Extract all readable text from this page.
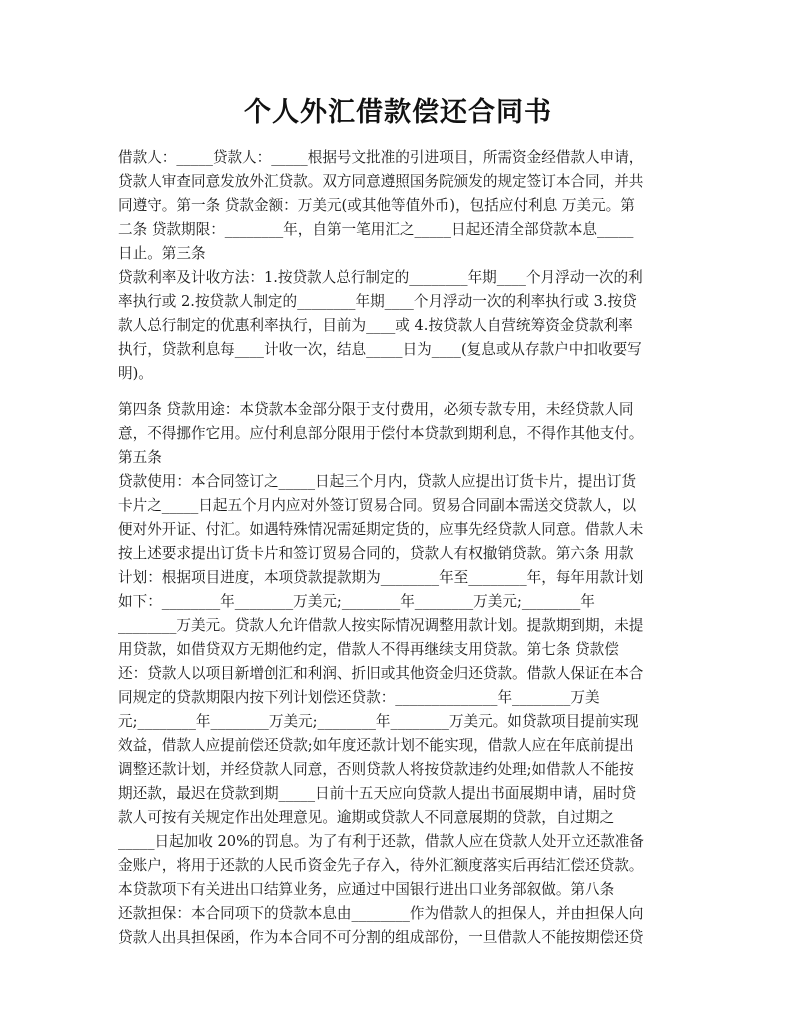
个人外汇借款偿还合同书
借款人：_____贷款人：_____根据号文批准的引进项目，所需资金经借款人申请，
贷款人审查同意发放外汇贷款。双方同意遵照国务院颁发的规定签订本合同，并共
同遵守。第一条 贷款金额：万美元(或其他等值外币)，包括应付利息 万美元。第
二条 贷款期限：________年，自第一笔用汇之_____日起还清全部贷款本息_____
日止。第三条
贷款利率及计收方法：1.按贷款人总行制定的________年期____个月浮动一次的利
率执行或 2.按贷款人制定的________年期____个月浮动一次的利率执行或 3.按贷
款人总行制定的优惠利率执行，目前为____或 4.按贷款人自营统筹资金贷款利率
执行，贷款利息每____计收一次，结息_____日为____(复息或从存款户中扣收要写
明)。
第四条 贷款用途：本贷款本金部分限于支付费用，必须专款专用，未经贷款人同
意，不得挪作它用。应付利息部分限用于偿付本贷款到期利息，不得作其他支付。
第五条
贷款使用：本合同签订之_____日起三个月内，贷款人应提出订货卡片，提出订货
卡片之_____日起五个月内应对外签订贸易合同。贸易合同副本需送交贷款人，以
便对外开证、付汇。如遇特殊情况需延期定货的，应事先经贷款人同意。借款人未
按上述要求提出订货卡片和签订贸易合同的，贷款人有权撤销贷款。第六条 用款
计划：根据项目进度，本项贷款提款期为________年至________年，每年用款计划
如下：________年________万美元;________年________万美元;________年
________万美元。贷款人允许借款人按实际情况调整用款计划。提款期到期，未提
用贷款，如借贷双方无期他约定，借款人不得再继续支用贷款。第七条 贷款偿
还：贷款人以项目新增创汇和利润、折旧或其他资金归还贷款。借款人保证在本合
同规定的贷款期限内按下列计划偿还贷款：______________年________万美
元;________年________万美元;________年________万美元。如贷款项目提前实现
效益，借款人应提前偿还贷款;如年度还款计划不能实现，借款人应在年底前提出
调整还款计划，并经贷款人同意，否则贷款人将按贷款违约处理;如借款人不能按
期还款，最迟在贷款到期_____日前十五天应向贷款人提出书面展期申请，届时贷
款人可按有关规定作出处理意见。逾期或贷款人不同意展期的贷款，自过期之
_____日起加收 20%的罚息。为了有利于还款，借款人应在贷款人处开立还款准备
金账户，将用于还款的人民币资金先子存入，待外汇额度落实后再结汇偿还贷款。
本贷款项下有关进出口结算业务，应通过中国银行进出口业务部叙做。第八条
还款担保：本合同项下的贷款本息由________作为借款人的担保人，并由担保人向
贷款人出具担保函，作为本合同不可分割的组成部份，一旦借款人不能按期偿还贷
